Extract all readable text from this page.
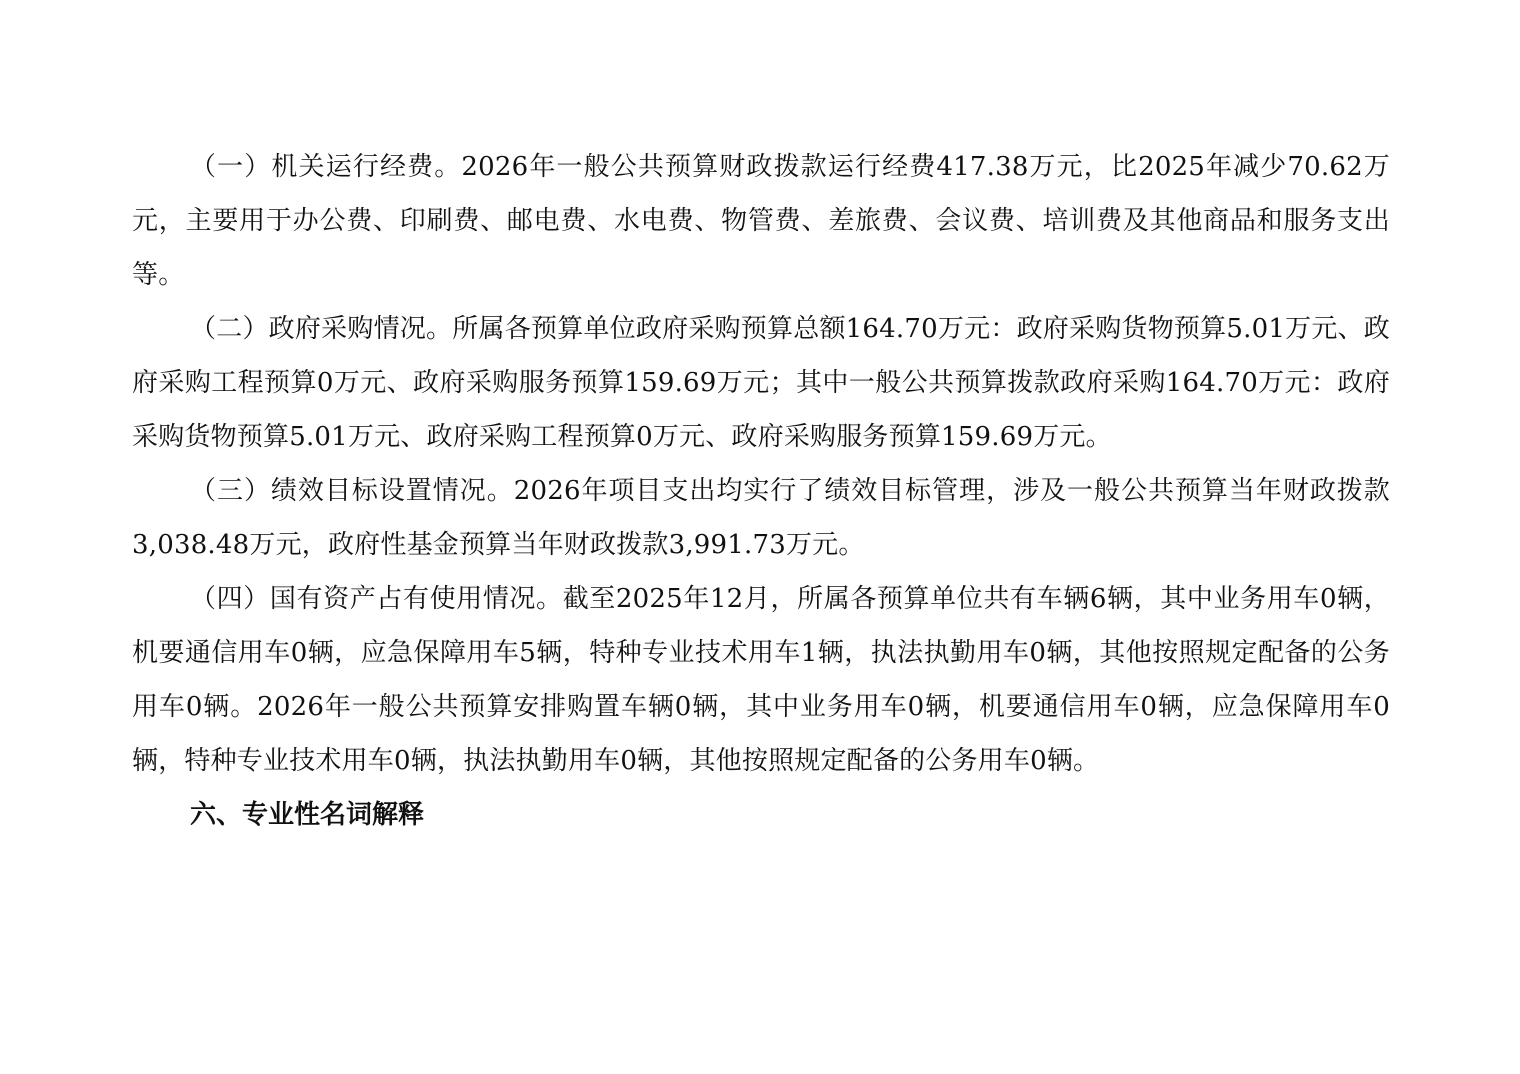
（一）机关运行经费。2026年一般公共预算财政拨款运行经费417.38万元，比2025年减少70.62万元，主要用于办公费、印刷费、邮电费、水电费、物管费、差旅费、会议费、培训费及其他商品和服务支出等。

（二）政府采购情况。所属各预算单位政府采购预算总额164.70万元：政府采购货物预算5.01万元、政府采购工程预算0万元、政府采购服务预算159.69万元；其中一般公共预算拨款政府采购164.70万元：政府采购货物预算5.01万元、政府采购工程预算0万元、政府采购服务预算159.69万元。

（三）绩效目标设置情况。2026年项目支出均实行了绩效目标管理，涉及一般公共预算当年财政拨款3,038.48万元，政府性基金预算当年财政拨款3,991.73万元。

（四）国有资产占有使用情况。截至2025年12月，所属各预算单位共有车辆6辆，其中业务用车0辆，机要通信用车0辆，应急保障用车5辆，特种专业技术用车1辆，执法执勤用车0辆，其他按照规定配备的公务用车0辆。2026年一般公共预算安排购置车辆0辆，其中业务用车0辆，机要通信用车0辆，应急保障用车0辆，特种专业技术用车0辆，执法执勤用车0辆，其他按照规定配备的公务用车0辆。

六、专业性名词解释
